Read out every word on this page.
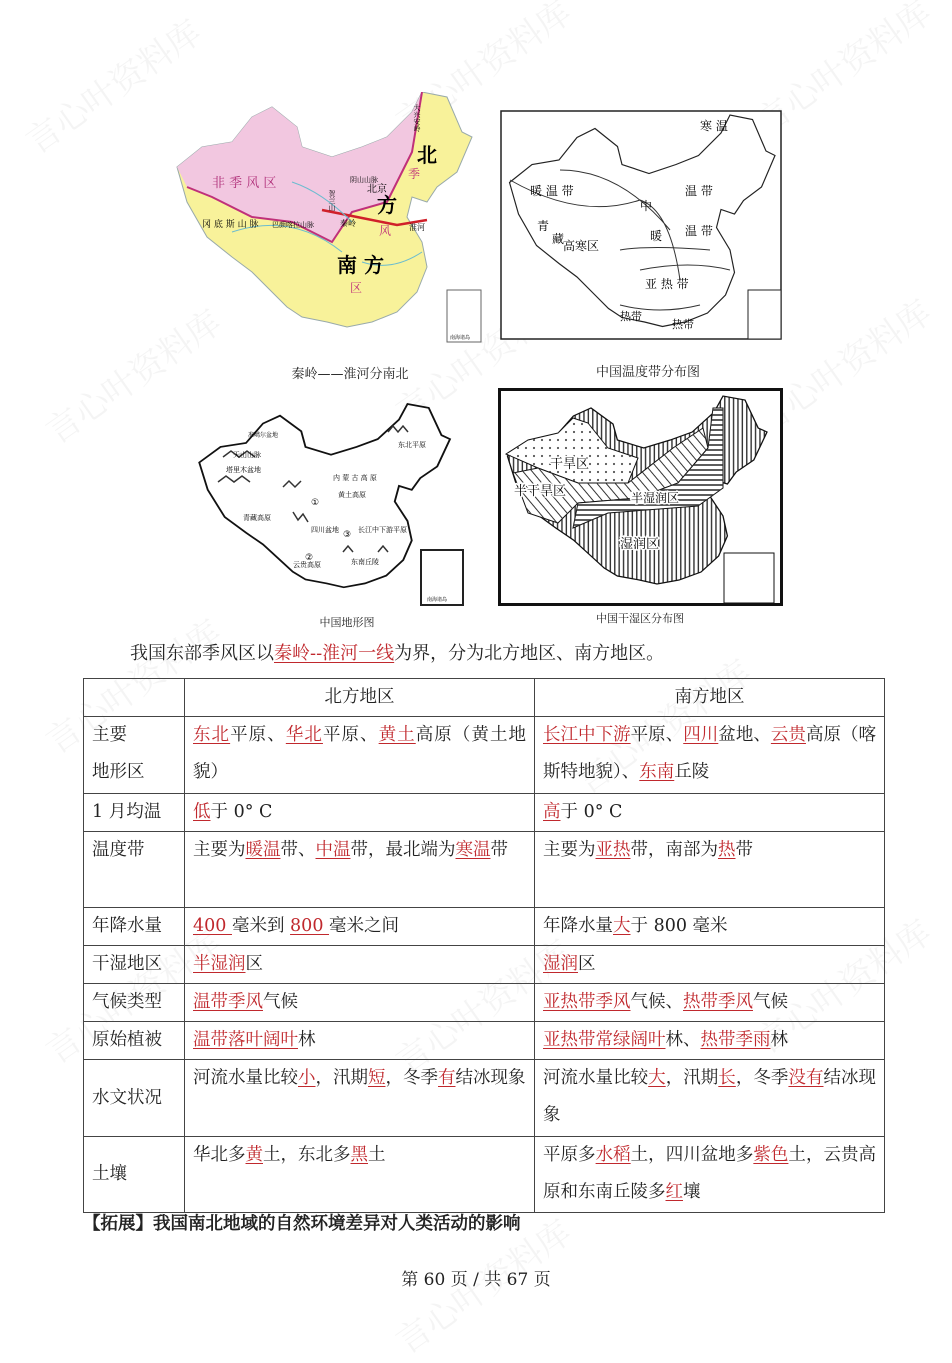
非 季 风 区
北
方
南 方
季
风
区
北京
秦岭	淮河
大兴安岭
阴山山脉
贺兰山
冈 底 斯 山 脉 巴颜喀拉山脉
南海诸岛
秦岭——淮河分南北
寒 温
温 带
中
暖 温 带
暖 温 带
青
藏
高寒区
亚 热 带
热带
热带
中国温度带分布图
塔里木盆地
天山山脉
准噶尔盆地
青藏高原
内 蒙 古 高 原
东北平原
黄土高原
四川盆地	长江中下游平原
云贵高原	东南丘陵
①
②
③
南海诸岛
中国地形图
干旱区
半干旱区	半湿润区
湿润区
中国干湿区分布图
我国东部季风区以秦岭--淮河一线为界，分为北方地区、南方地区。
	北方地区	南方地区

主要
地形区	东北平原、华北平原、黄土高原（黄土地貌）	长江中下游平原、四川盆地、云贵高原（喀斯特地貌）、东南丘陵

1 月均温	低于 0° C	高于 0° C

温度带	主要为暖温带、中温带，最北端为寒温带	主要为亚热带，南部为热带

年降水量	400 毫米到 800 毫米之间	年降水量大于 800 毫米

干湿地区	半湿润区	湿润区

气候类型	温带季风气候	亚热带季风气候、热带季风气候

原始植被	温带落叶阔叶林	亚热带常绿阔叶林、热带季雨林

水文状况	河流水量比较小，汛期短，冬季有结冰现象	河流水量比较大，汛期长，冬季没有结冰现象

土壤	华北多黄土，东北多黑土	平原多水稻土，四川盆地多紫色土，云贵高原和东南丘陵多红壤
【拓展】我国南北地域的自然环境差异对人类活动的影响
第 60 页 / 共 67 页
